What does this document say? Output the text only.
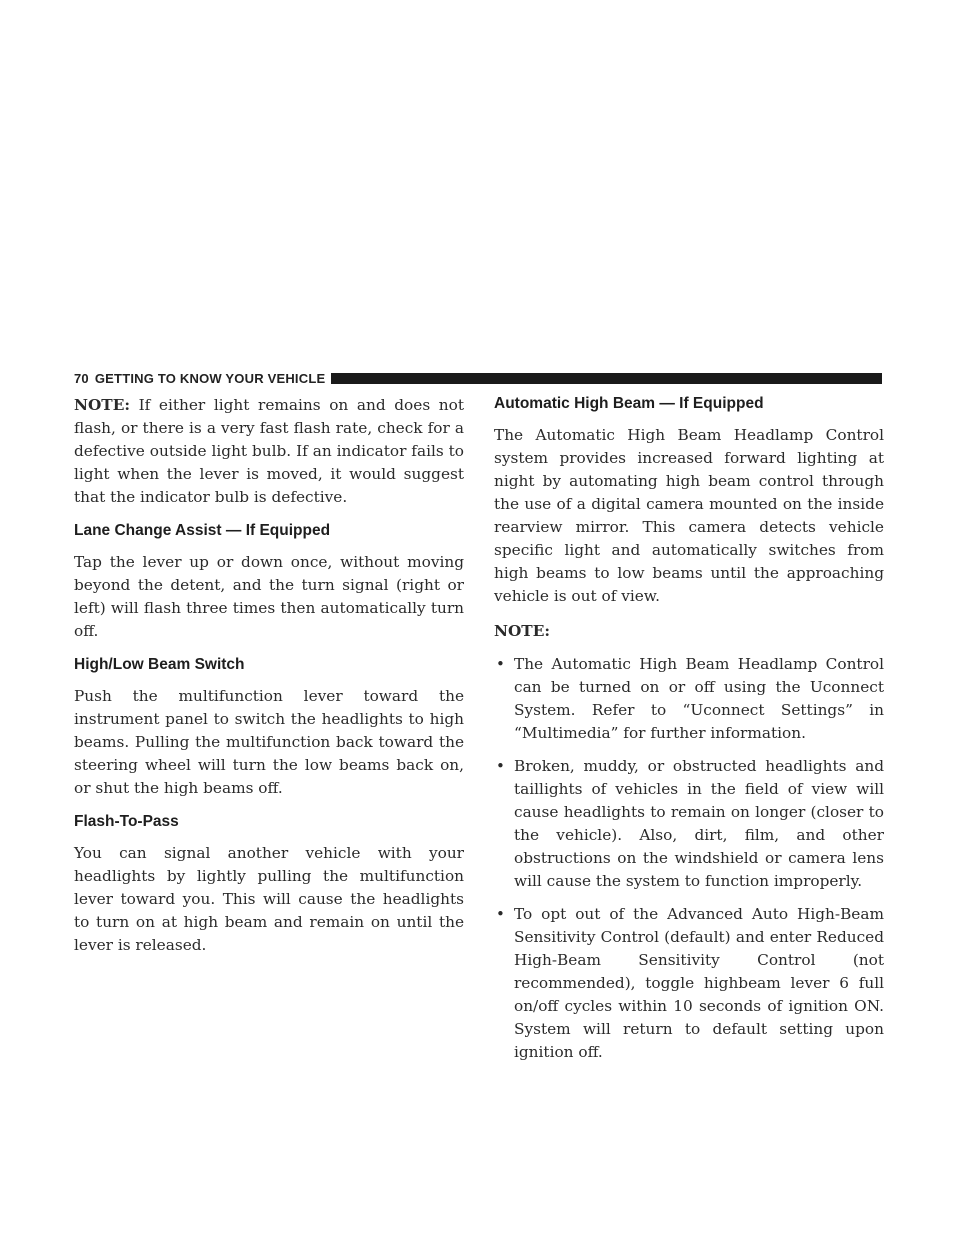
70 GETTING TO KNOW YOUR VEHICLE

NOTE: If either light remains on and does not flash, or there is a very fast flash rate, check for a defective outside light bulb. If an indicator fails to light when the lever is moved, it would suggest that the indicator bulb is defective.

Lane Change Assist — If Equipped

Tap the lever up or down once, without moving beyond the detent, and the turn signal (right or left) will flash three times then automatically turn off.

High/Low Beam Switch

Push the multifunction lever toward the instrument panel to switch the headlights to high beams. Pulling the multifunction back toward the steering wheel will turn the low beams back on, or shut the high beams off.

Flash-To-Pass

You can signal another vehicle with your headlights by lightly pulling the multifunction lever toward you. This will cause the headlights to turn on at high beam and remain on until the lever is released.

Automatic High Beam — If Equipped

The Automatic High Beam Headlamp Control system provides increased forward lighting at night by automating high beam control through the use of a digital camera mounted on the inside rearview mirror. This camera detects vehicle specific light and automatically switches from high beams to low beams until the approaching vehicle is out of view.

NOTE:

• The Automatic High Beam Headlamp Control can be turned on or off using the Uconnect System. Refer to “Uconnect Settings” in “Multimedia” for further information.
• Broken, muddy, or obstructed headlights and taillights of vehicles in the field of view will cause headlights to remain on longer (closer to the vehicle). Also, dirt, film, and other obstructions on the windshield or camera lens will cause the system to function improperly.
• To opt out of the Advanced Auto High-Beam Sensitivity Control (default) and enter Reduced High-Beam Sensitivity Control (not recommended), toggle highbeam lever 6 full on/off cycles within 10 seconds of ignition ON. System will return to default setting upon ignition off.
